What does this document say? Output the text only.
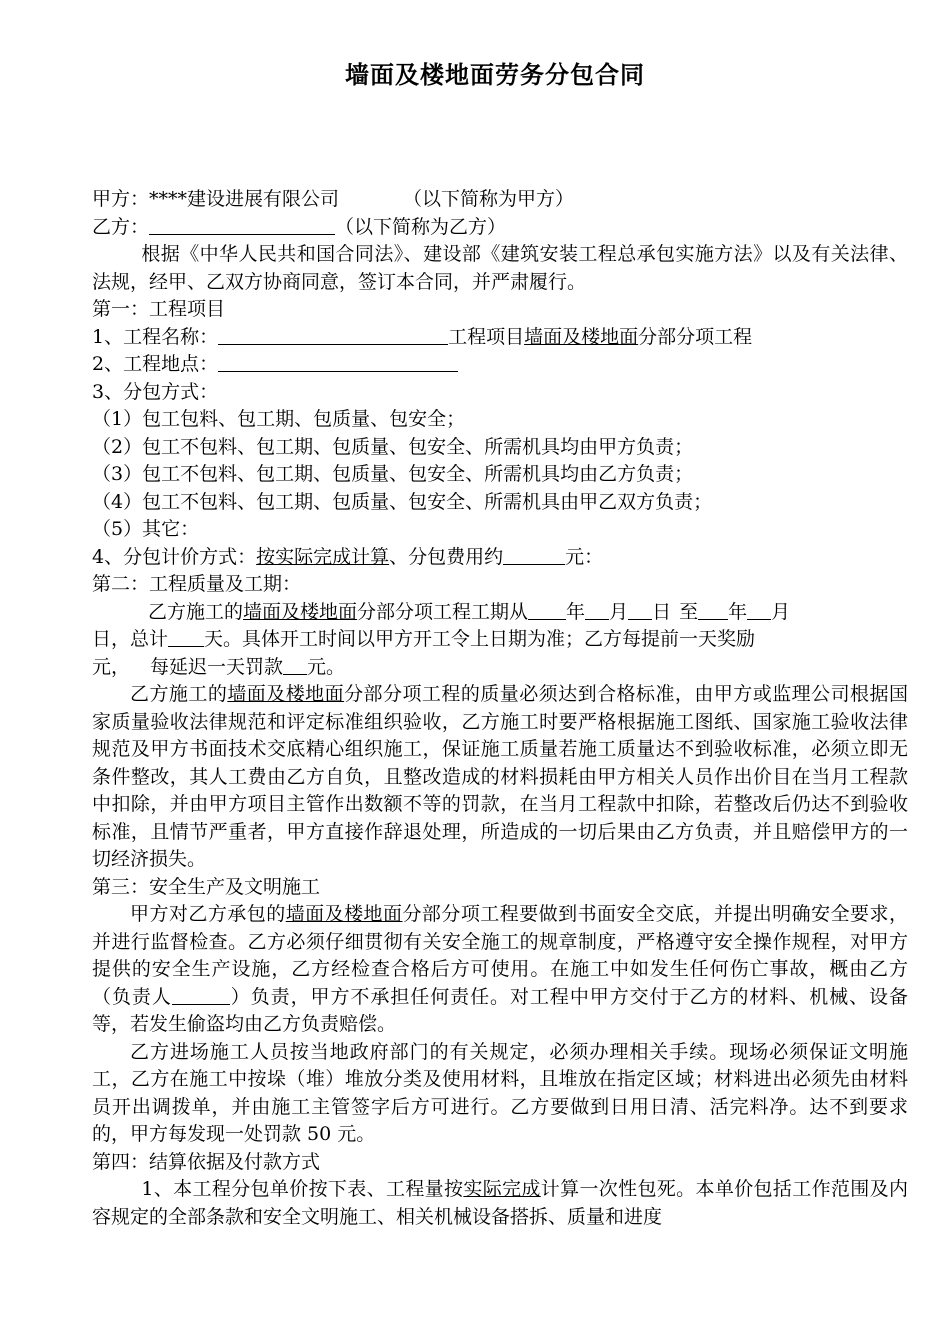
墙面及楼地面劳务分包合同
甲方：****建设进展有限公司	（以下简称为甲方）
乙方：	（以下简称为乙方）
根据《中华人民共和国合同法》、建设部《建筑安装工程总承包实施方法》以及有关法律、法规，经甲、乙双方协商同意，签订本合同，并严肃履行。
第一：工程项目
1、工程名称：	工程项目墙面及楼地面分部分项工程
2、工程地点：
3、分包方式：
（1）包工包料、包工期、包质量、包安全；
（2）包工不包料、包工期、包质量、包安全、所需机具均由甲方负责；
（3）包工不包料、包工期、包质量、包安全、所需机具均由乙方负责；
（4）包工不包料、包工期、包质量、包安全、所需机具由甲乙双方负责；
（5）其它：
4、分包计价方式：按实际完成计算、分包费用约	元：
第二：工程质量及工期：
乙方施工的墙面及楼地面分部分项工程工期从 年 月 日 至 年 月
日，总计 天。具体开工时间以甲方开工令上日期为准；乙方每提前一天奖励
元， 每延迟一天罚款 元。
乙方施工的墙面及楼地面分部分项工程的质量必须达到合格标准，由甲方或监理公司根据国家质量验收法律规范和评定标准组织验收，乙方施工时要严格根据施工图纸、国家施工验收法律规范及甲方书面技术交底精心组织施工，保证施工质量若施工质量达不到验收标准，必须立即无条件整改，其人工费由乙方自负，且整改造成的材料损耗由甲方相关人员作出价目在当月工程款中扣除，并由甲方项目主管作出数额不等的罚款，在当月工程款中扣除，若整改后仍达不到验收标准，且情节严重者，甲方直接作辞退处理，所造成的一切后果由乙方负责，并且赔偿甲方的一切经济损失。
第三：安全生产及文明施工
甲方对乙方承包的墙面及楼地面分部分项工程要做到书面安全交底，并提出明确安全要求，并进行监督检查。乙方必须仔细贯彻有关安全施工的规章制度，严格遵守安全操作规程，对甲方提供的安全生产设施，乙方经检查合格后方可使用。在施工中如发生任何伤亡事故，概由乙方（负责人	）负责，甲方不承担任何责任。对工程中甲方交付于乙方的材料、机械、设备等，若发生偷盗均由乙方负责赔偿。
乙方进场施工人员按当地政府部门的有关规定，必须办理相关手续。现场必须保证文明施工，乙方在施工中按垛（堆）堆放分类及使用材料，且堆放在指定区域；材料进出必须先由材料员开出调拨单，并由施工主管签字后方可进行。乙方要做到日用日清、活完料净。达不到要求的，甲方每发现一处罚款 50 元。
第四：结算依据及付款方式
1、本工程分包单价按下表、工程量按实际完成计算一次性包死。本单价包括工作范围及内容规定的全部条款和安全文明施工、相关机械设备搭拆、质量和进度
